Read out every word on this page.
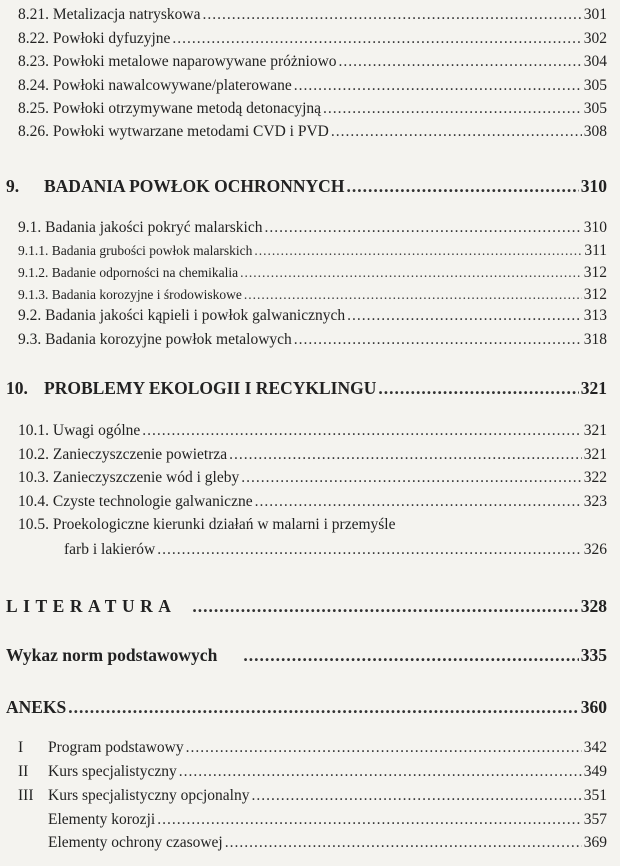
8.21. Metalizacja natryskowa .....	301
8.22. Powłoki dyfuzyjne .....	302
8.23. Powłoki metalowe naparowywane próżniowo .....	304
8.24. Powłoki nawalcowywane/platerowane .....	305
8.25. Powłoki otrzymywane metodą detonacyjną .....	305
8.26. Powłoki wytwarzane metodami CVD i PVD .....	308
9. BADANIA POWŁOK OCHRONNYCH .....	310
9.1. Badania jakości pokryć malarskich .....	310
9.1.1. Badania grubości powłok malarskich .....	311
9.1.2. Badanie odporności na chemikalia .....	312
9.1.3. Badania korozyjne i środowiskowe .....	312
9.2. Badania jakości kąpieli i powłok galwanicznych .....	313
9.3. Badania korozyjne powłok metalowych .....	318
10. PROBLEMY EKOLOGII I RECYKLINGU .....	321
10.1. Uwagi ogólne .....	321
10.2. Zanieczyszczenie powietrza .....	321
10.3. Zanieczyszczenie wód i gleby .....	322
10.4. Czyste technologie galwaniczne .....	323
10.5. Proekologiczne kierunki działań w malarni i przemyśle
farb i lakierów .....	326
LITERATURA .....	328
Wykaz norm podstawowych .....	335
ANEKS .....	360
I Program podstawowy .....	342
II Kurs specjalistyczny .....	349
III Kurs specjalistyczny opcjonalny .....	351
Elementy korozji .....	357
Elementy ochrony czasowej .....	369
